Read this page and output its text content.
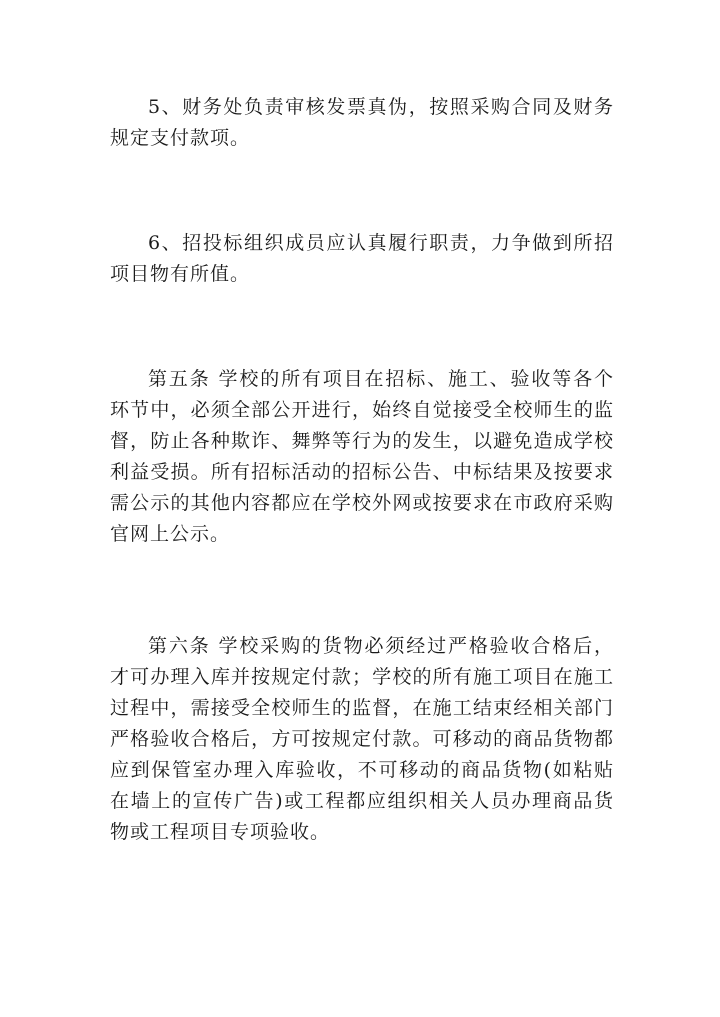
5、财务处负责审核发票真伪，按照采购合同及财务规定支付款项。

6、招投标组织成员应认真履行职责，力争做到所招项目物有所值。

第五条 学校的所有项目在招标、施工、验收等各个环节中，必须全部公开进行，始终自觉接受全校师生的监督，防止各种欺诈、舞弊等行为的发生，以避免造成学校利益受损。所有招标活动的招标公告、中标结果及按要求需公示的其他内容都应在学校外网或按要求在市政府采购官网上公示。

第六条 学校采购的货物必须经过严格验收合格后，才可办理入库并按规定付款；学校的所有施工项目在施工过程中，需接受全校师生的监督，在施工结束经相关部门严格验收合格后，方可按规定付款。可移动的商品货物都应到保管室办理入库验收，不可移动的商品货物(如粘贴在墙上的宣传广告)或工程都应组织相关人员办理商品货物或工程项目专项验收。
